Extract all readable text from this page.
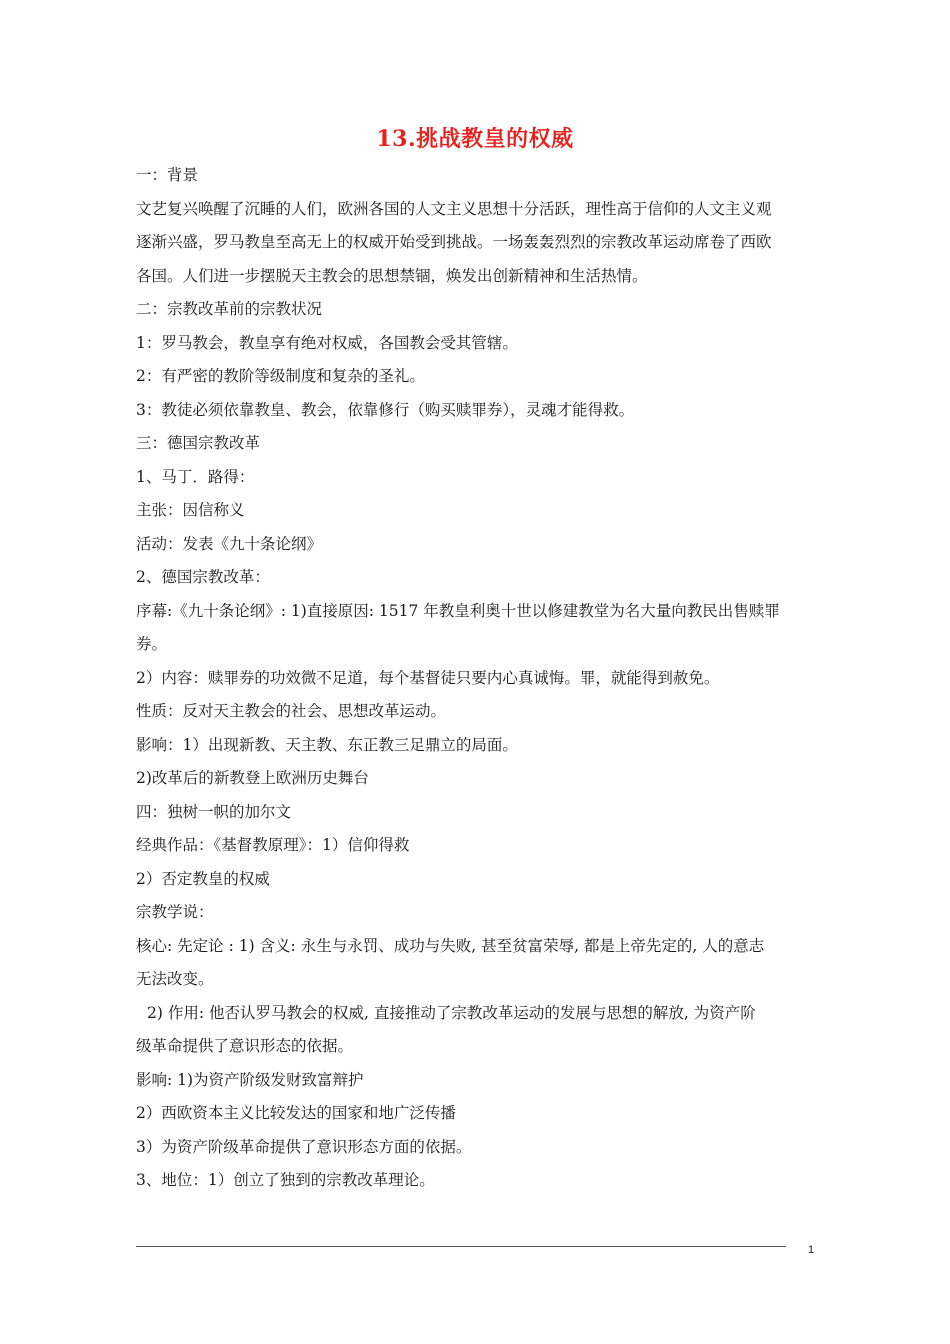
13.挑战教皇的权威
一：背景
文艺复兴唤醒了沉睡的人们，欧洲各国的人文主义思想十分活跃，理性高于信仰的人文主义观
逐渐兴盛，罗马教皇至高无上的权威开始受到挑战。一场轰轰烈烈的宗教改革运动席卷了西欧
各国。人们进一步摆脱天主教会的思想禁锢，焕发出创新精神和生活热情。
二：宗教改革前的宗教状况
1：罗马教会，教皇享有绝对权威，各国教会受其管辖。
2：有严密的教阶等级制度和复杂的圣礼。
3：教徒必须依靠教皇、教会，依靠修行（购买赎罪券），灵魂才能得救。
三：德国宗教改革
1、马丁．路得：
主张：因信称义
活动：发表《九十条论纲》
2、德国宗教改革：
序幕:《九十条论纲》: 1)直接原因: 1517 年教皇利奥十世以修建教堂为名大量向教民出售赎罪
券。
2）内容：赎罪券的功效微不足道，每个基督徒只要内心真诚悔。罪，就能得到赦免。
性质：反对天主教会的社会、思想改革运动。
影响：1）出现新教、天主教、东正教三足鼎立的局面。
2)改革后的新教登上欧洲历史舞台
四：独树一帜的加尔文
经典作品：《基督教原理》：1）信仰得救
2）否定教皇的权威
宗教学说：
核心: 先定论 : 1) 含义: 永生与永罚、成功与失败, 甚至贫富荣辱, 都是上帝先定的, 人的意志
无法改变。
2) 作用: 他否认罗马教会的权威, 直接推动了宗教改革运动的发展与思想的解放, 为资产阶
级革命提供了意识形态的依据。
影响: 1)为资产阶级发财致富辩护
2）西欧资本主义比较发达的国家和地广泛传播
3）为资产阶级革命提供了意识形态方面的依据。
3、地位：1）创立了独到的宗教改革理论。
1
